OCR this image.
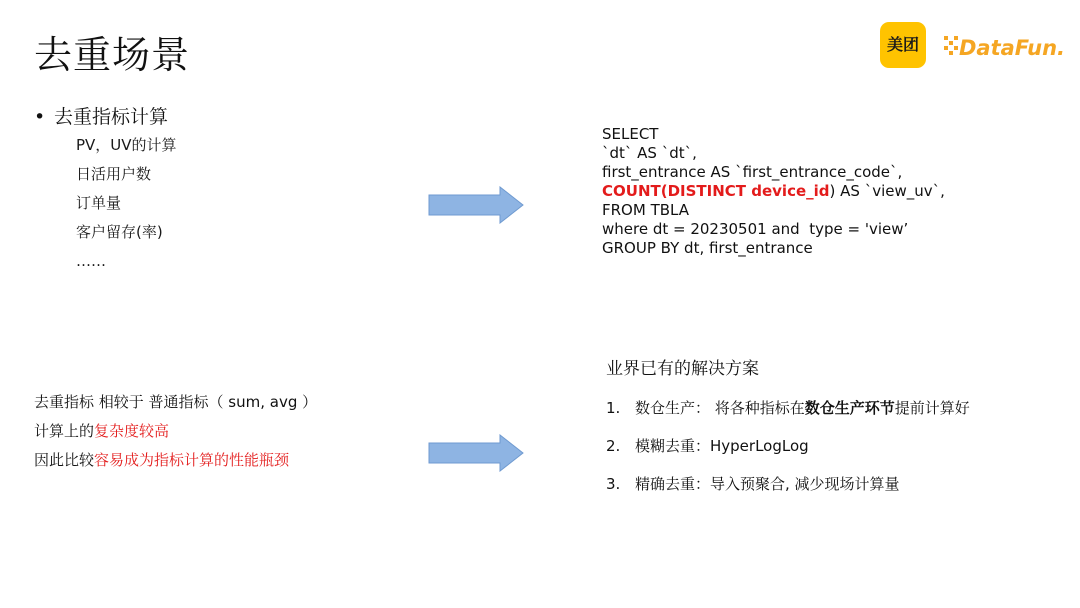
去重场景	美团	DataFun.
• 去重指标计算
PV，UV的计算
日活用户数
订单量
客户留存(率)
……
SELECT
`dt` AS `dt`,
first_entrance AS `first_entrance_code`,
COUNT(DISTINCT device_id) AS `view_uv`,
FROM TBLA
where dt = 20230501 and  type = 'view’
GROUP BY dt, first_entrance
去重指标 相较于 普通指标（ sum, avg ）
计算上的复杂度较高
因此比较容易成为指标计算的性能瓶颈
业界已有的解决方案
1. 数仓生产： 将各种指标在数仓生产环节提前计算好
2. 模糊去重：HyperLogLog
3. 精确去重：导入预聚合, 减少现场计算量
